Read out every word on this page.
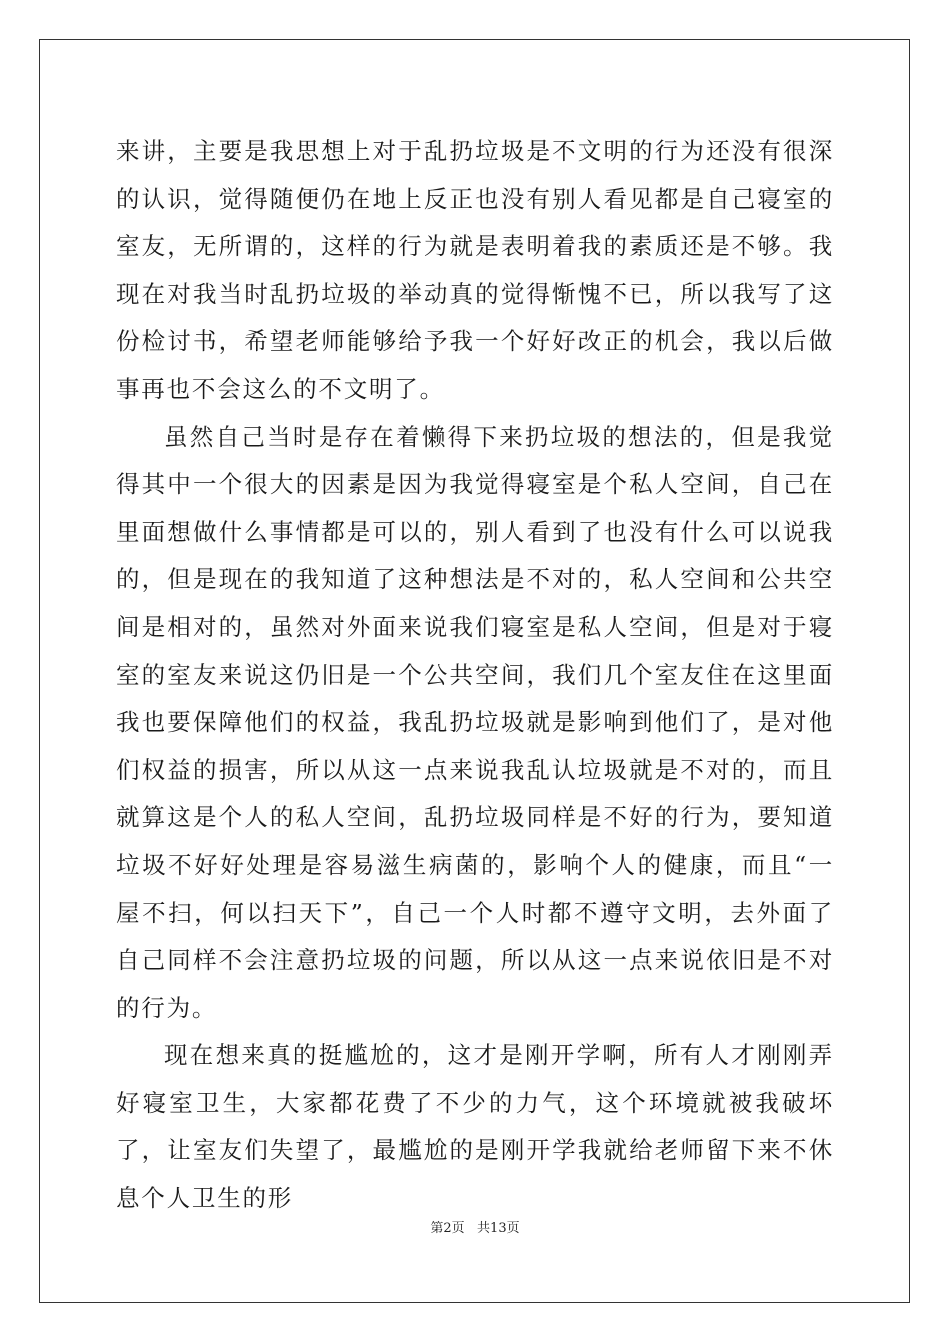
来讲，主要是我思想上对于乱扔垃圾是不文明的行为还没有很深的认识，觉得随便仍在地上反正也没有别人看见都是自己寝室的室友，无所谓的，这样的行为就是表明着我的素质还是不够。我现在对我当时乱扔垃圾的举动真的觉得惭愧不已，所以我写了这份检讨书，希望老师能够给予我一个好好改正的机会，我以后做事再也不会这么的不文明了。

虽然自己当时是存在着懒得下来扔垃圾的想法的，但是我觉得其中一个很大的因素是因为我觉得寝室是个私人空间，自己在里面想做什么事情都是可以的，别人看到了也没有什么可以说我的，但是现在的我知道了这种想法是不对的，私人空间和公共空间是相对的，虽然对外面来说我们寝室是私人空间，但是对于寝室的室友来说这仍旧是一个公共空间，我们几个室友住在这里面我也要保障他们的权益，我乱扔垃圾就是影响到他们了，是对他们权益的损害，所以从这一点来说我乱认垃圾就是不对的，而且就算这是个人的私人空间，乱扔垃圾同样是不好的行为，要知道垃圾不好好处理是容易滋生病菌的，影响个人的健康，而且“一屋不扫，何以扫天下”，自己一个人时都不遵守文明，去外面了自己同样不会注意扔垃圾的问题，所以从这一点来说依旧是不对的行为。

现在想来真的挺尴尬的，这才是刚开学啊，所有人才刚刚弄好寝室卫生，大家都花费了不少的力气，这个环境就被我破坏了，让室友们失望了，最尴尬的是刚开学我就给老师留下来不休息个人卫生的形

第2页   共13页
